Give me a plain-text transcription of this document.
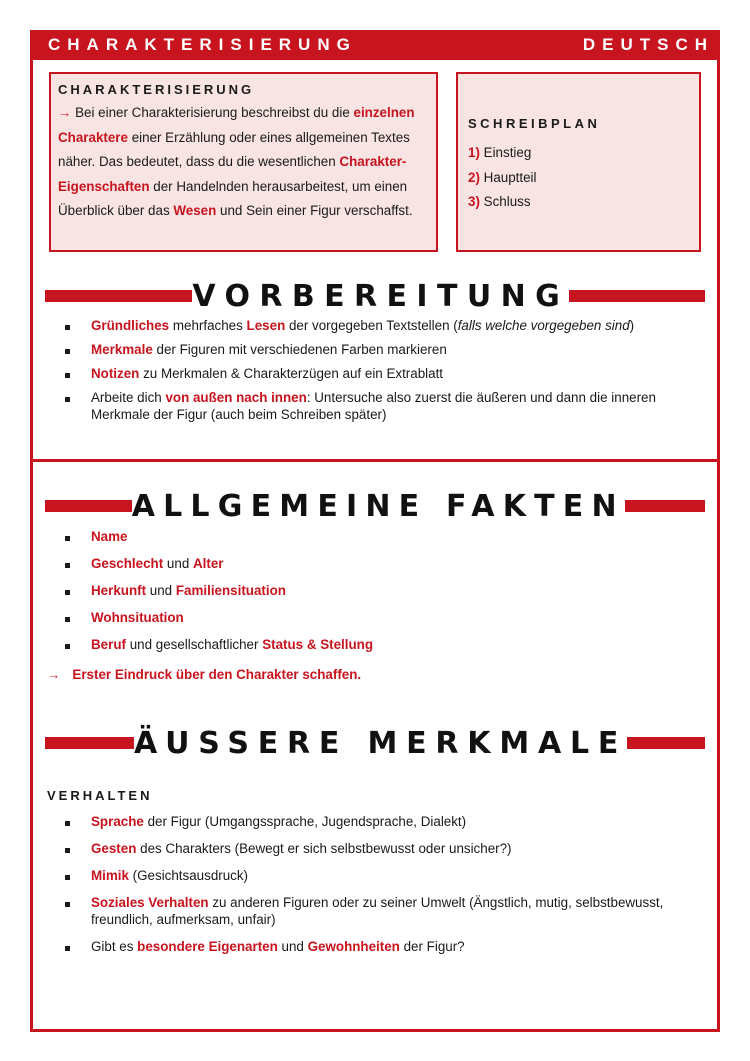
CHARAKTERISIERUNG	DEUTSCH
CHARAKTERISIERUNG
→ Bei einer Charakterisierung beschreibst du die einzelnen Charaktere einer Erzählung oder eines allgemeinen Textes näher. Das bedeutet, dass du die wesentlichen Charakter-Eigenschaften der Handelnden herausarbeitest, um einen Überblick über das Wesen und Sein einer Figur verschaffst.
SCHREIBPLAN
1) Einstieg
2) Hauptteil
3) Schluss
VORBEREITUNG
Gründliches mehrfaches Lesen der vorgegeben Textstellen (falls welche vorgegeben sind)
Merkmale der Figuren mit verschiedenen Farben markieren
Notizen zu Merkmalen & Charakterzügen auf ein Extrablatt
Arbeite dich von außen nach innen: Untersuche also zuerst die äußeren und dann die inneren Merkmale der Figur (auch beim Schreiben später)
ALLGEMEINE FAKTEN
Name
Geschlecht und Alter
Herkunft und Familiensituation
Wohnsituation
Beruf und gesellschaftlicher Status & Stellung
→ Erster Eindruck über den Charakter schaffen.
ÄUSSERE MERKMALE
VERHALTEN
Sprache der Figur (Umgangssprache, Jugendsprache, Dialekt)
Gesten des Charakters (Bewegt er sich selbstbewusst oder unsicher?)
Mimik (Gesichtsausdruck)
Soziales Verhalten zu anderen Figuren oder zu seiner Umwelt (Ängstlich, mutig, selbstbewusst, freundlich, aufmerksam, unfair)
Gibt es besondere Eigenarten und Gewohnheiten der Figur?
